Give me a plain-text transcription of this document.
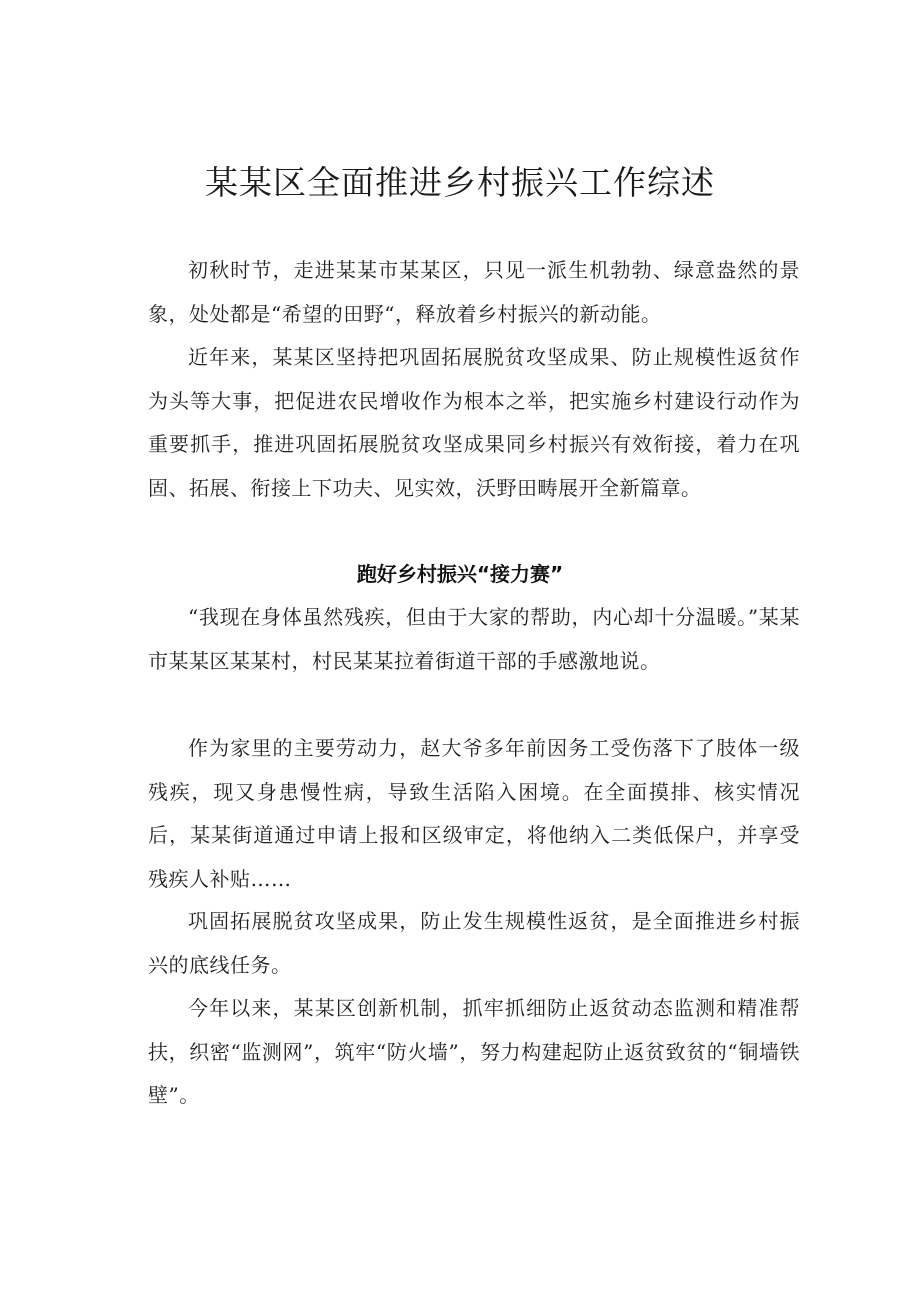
某某区全面推进乡村振兴工作综述

初秋时节，走进某某市某某区，只见一派生机勃勃、绿意盎然的景象，处处都是“希望的田野“，释放着乡村振兴的新动能。

近年来，某某区坚持把巩固拓展脱贫攻坚成果、防止规模性返贫作为头等大事，把促进农民增收作为根本之举，把实施乡村建设行动作为重要抓手，推进巩固拓展脱贫攻坚成果同乡村振兴有效衔接，着力在巩固、拓展、衔接上下功夫、见实效，沃野田畴展开全新篇章。

跑好乡村振兴“接力赛”

“我现在身体虽然残疾，但由于大家的帮助，内心却十分温暖。”某某市某某区某某村，村民某某拉着街道干部的手感激地说。

作为家里的主要劳动力，赵大爷多年前因务工受伤落下了肢体一级残疾，现又身患慢性病，导致生活陷入困境。在全面摸排、核实情况后，某某街道通过申请上报和区级审定，将他纳入二类低保户，并享受残疾人补贴……

巩固拓展脱贫攻坚成果，防止发生规模性返贫，是全面推进乡村振兴的底线任务。

今年以来，某某区创新机制，抓牢抓细防止返贫动态监测和精准帮扶，织密“监测网”，筑牢“防火墙”，努力构建起防止返贫致贫的“铜墙铁壁”。
